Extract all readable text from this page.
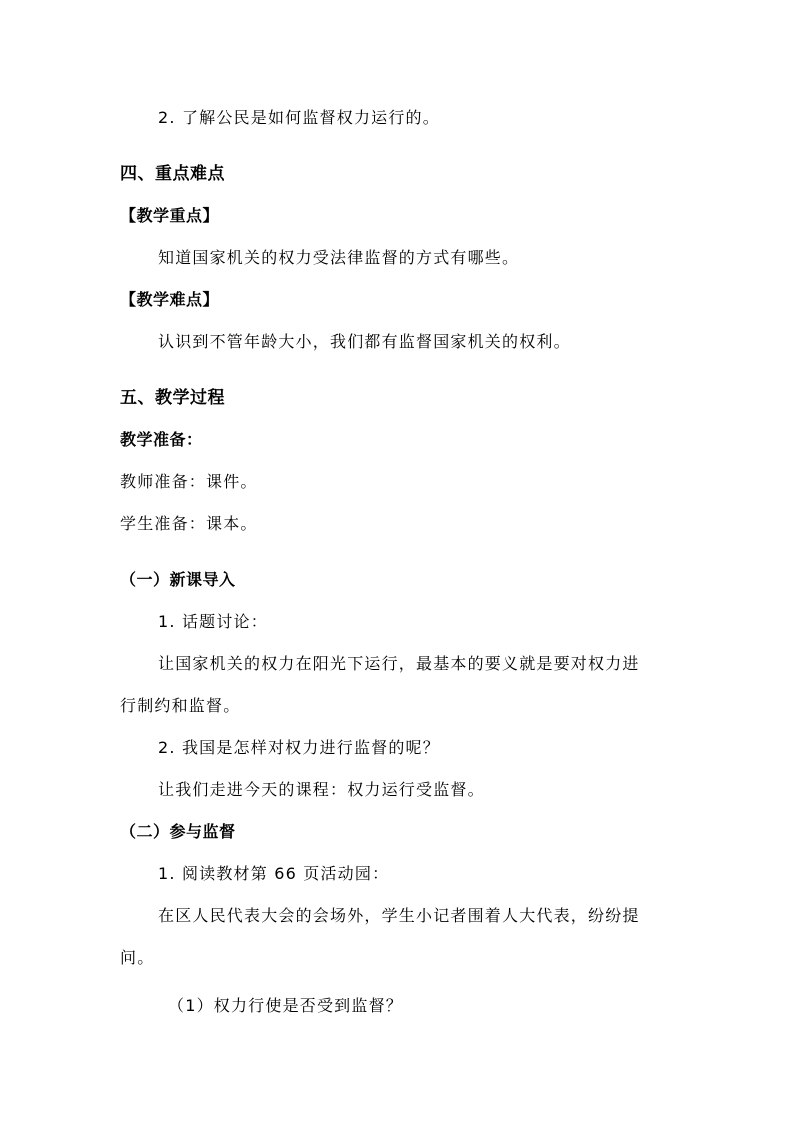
2. 了解公民是如何监督权力运行的。
四、重点难点
【教学重点】
知道国家机关的权力受法律监督的方式有哪些。
【教学难点】
认识到不管年龄大小，我们都有监督国家机关的权利。
五、教学过程
教学准备：
教师准备：课件。
学生准备：课本。
（一）新课导入
1. 话题讨论：
让国家机关的权力在阳光下运行，最基本的要义就是要对权力进
行制约和监督。
2. 我国是怎样对权力进行监督的呢？
让我们走进今天的课程：权力运行受监督。
（二）参与监督
1. 阅读教材第 66 页活动园：
在区人民代表大会的会场外，学生小记者围着人大代表，纷纷提
问。
（1）权力行使是否受到监督？
